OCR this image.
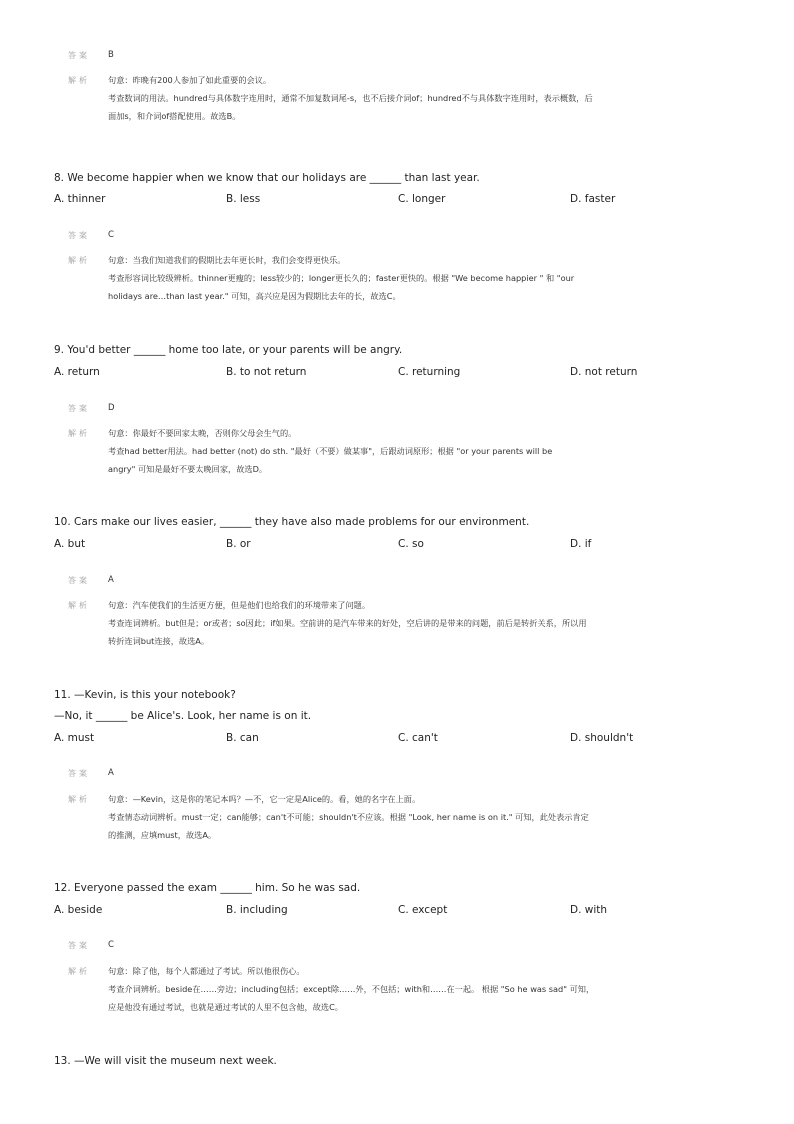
答案 B
解析 句意：昨晚有200人参加了如此重要的会议。
考查数词的用法。hundred与具体数字连用时，通常不加复数词尾-s，也不后接介词of；hundred不与具体数字连用时，表示概数，后
面加s，和介词of搭配使用。故选B。
8. We become happier when we know that our holidays are ______ than last year.
A. thinner	B. less	C. longer	D. faster
答案 C
解析 句意：当我们知道我们的假期比去年更长时，我们会变得更快乐。
考查形容词比较级辨析。thinner更瘦的；less较少的；longer更长久的；faster更快的。根据 "We become happier " 和 "our
holidays are…than last year." 可知，高兴应是因为假期比去年的长，故选C。
9. You'd better ______ home too late, or your parents will be angry.
A. return	B. to not return	C. returning	D. not return
答案 D
解析 句意：你最好不要回家太晚，否则你父母会生气的。
考查had better用法。had better (not) do sth. "最好（不要）做某事"，后跟动词原形；根据 "or your parents will be
angry" 可知是最好不要太晚回家，故选D。
10. Cars make our lives easier, ______ they have also made problems for our environment.
A. but	B. or	C. so	D. if
答案 A
解析 句意：汽车使我们的生活更方便，但是他们也给我们的环境带来了问题。
考查连词辨析。but但是；or或者；so因此；if如果。空前讲的是汽车带来的好处，空后讲的是带来的问题，前后是转折关系，所以用
转折连词but连接，故选A。
11. —Kevin, is this your notebook?
—No, it ______ be Alice's. Look, her name is on it.
A. must	B. can	C. can't	D. shouldn't
答案 A
解析 句意：—Kevin，这是你的笔记本吗？—不，它一定是Alice的。看，她的名字在上面。
考查情态动词辨析。must一定；can能够；can't不可能；shouldn't不应该。根据 "Look, her name is on it." 可知，此处表示肯定
的推测，应填must，故选A。
12. Everyone passed the exam ______ him. So he was sad.
A. beside	B. including	C. except	D. with
答案 C
解析 句意：除了他，每个人都通过了考试。所以他很伤心。
考查介词辨析。beside在……旁边；including包括；except除……外，不包括；with和……在一起。 根据 "So he was sad" 可知，
应是他没有通过考试，也就是通过考试的人里不包含他，故选C。
13. —We will visit the museum next week.
